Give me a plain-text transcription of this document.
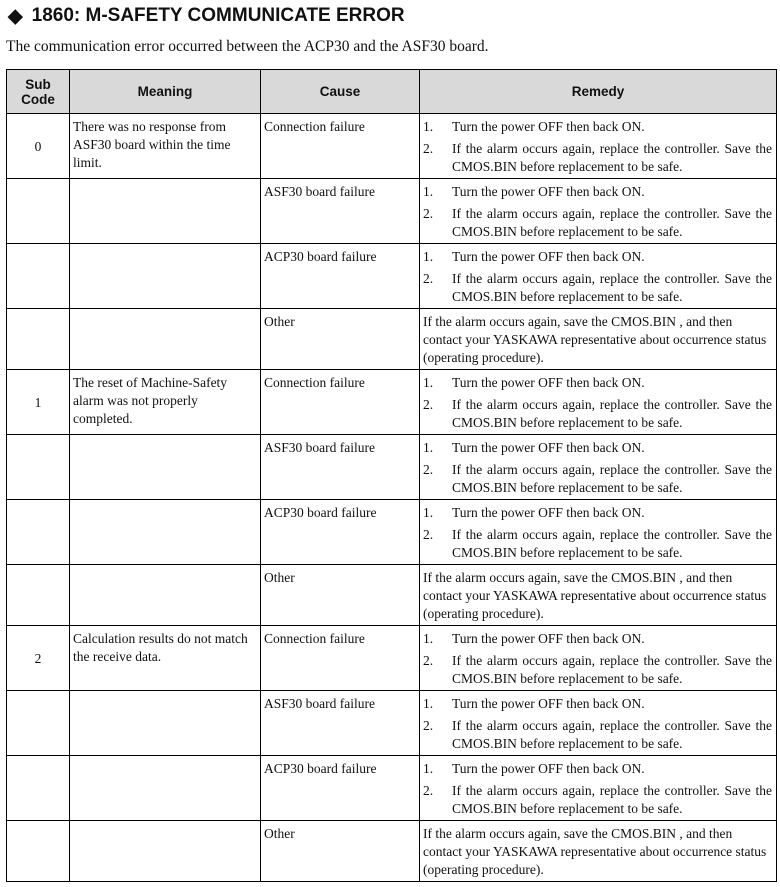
◆ 1860: M-SAFETY COMMUNICATE ERROR
The communication error occurred between the ACP30 and the ASF30 board.
Sub
Code	Meaning	Cause	Remedy
0	There was no response from ASF30 board within the time limit.	Connection failure	1. Turn the power OFF then back ON.
2. If the alarm occurs again, replace the controller. Save the CMOS.BIN before replacement to be safe.

		ASF30 board failure	1. Turn the power OFF then back ON.
2. If the alarm occurs again, replace the controller. Save the CMOS.BIN before replacement to be safe.

		ACP30 board failure	1. Turn the power OFF then back ON.
2. If the alarm occurs again, replace the controller. Save the CMOS.BIN before replacement to be safe.

		Other	If the alarm occurs again, save the CMOS.BIN , and then contact your YASKAWA representative about occurrence status (operating procedure).

1	The reset of Machine-Safety alarm was not properly completed.	Connection failure	1. Turn the power OFF then back ON.
2. If the alarm occurs again, replace the controller. Save the CMOS.BIN before replacement to be safe.

		ASF30 board failure	1. Turn the power OFF then back ON.
2. If the alarm occurs again, replace the controller. Save the CMOS.BIN before replacement to be safe.

		ACP30 board failure	1. Turn the power OFF then back ON.
2. If the alarm occurs again, replace the controller. Save the CMOS.BIN before replacement to be safe.

		Other	If the alarm occurs again, save the CMOS.BIN , and then contact your YASKAWA representative about occurrence status (operating procedure).

2	Calculation results do not match the receive data.	Connection failure	1. Turn the power OFF then back ON.
2. If the alarm occurs again, replace the controller. Save the CMOS.BIN before replacement to be safe.

		ASF30 board failure	1. Turn the power OFF then back ON.
2. If the alarm occurs again, replace the controller. Save the CMOS.BIN before replacement to be safe.

		ACP30 board failure	1. Turn the power OFF then back ON.
2. If the alarm occurs again, replace the controller. Save the CMOS.BIN before replacement to be safe.

		Other	If the alarm occurs again, save the CMOS.BIN , and then contact your YASKAWA representative about occurrence status (operating procedure).
